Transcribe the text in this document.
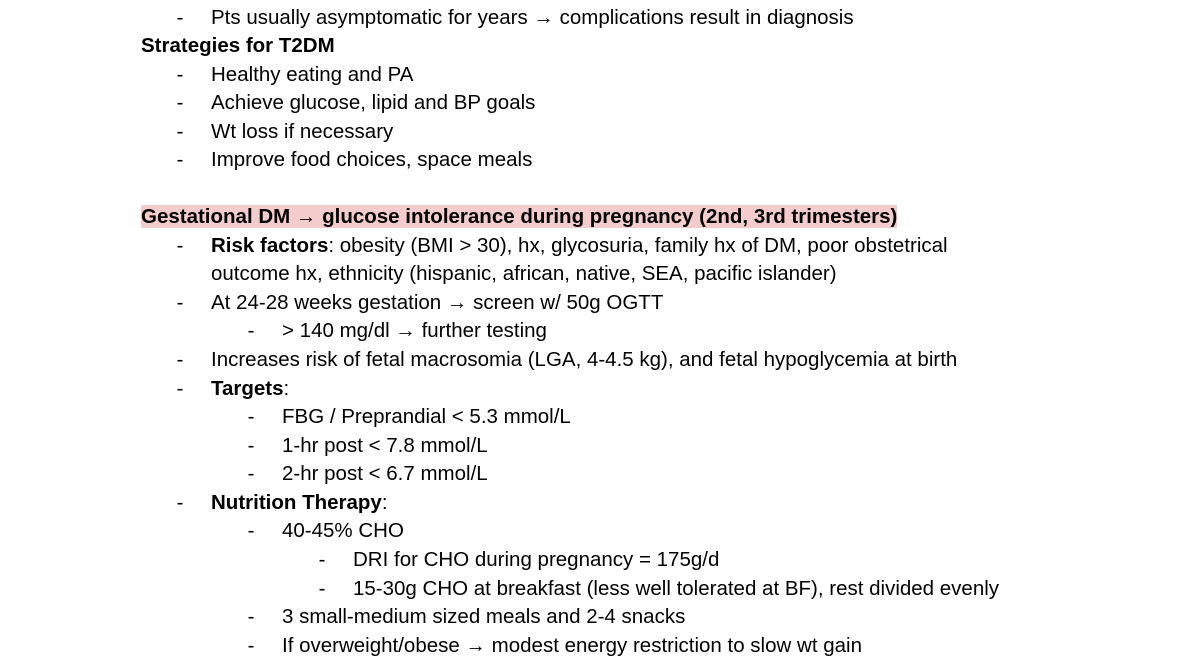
- Pts usually asymptomatic for years → complications result in diagnosis
Strategies for T2DM
- Healthy eating and PA
- Achieve glucose, lipid and BP goals
- Wt loss if necessary
- Improve food choices, space meals
Gestational DM → glucose intolerance during pregnancy (2nd, 3rd trimesters)
- Risk factors: obesity (BMI > 30), hx, glycosuria, family hx of DM, poor obstetrical
outcome hx, ethnicity (hispanic, african, native, SEA, pacific islander)
- At 24-28 weeks gestation → screen w/ 50g OGTT
- > 140 mg/dl → further testing
- Increases risk of fetal macrosomia (LGA, 4-4.5 kg), and fetal hypoglycemia at birth
- Targets:
- FBG / Preprandial < 5.3 mmol/L
- 1-hr post < 7.8 mmol/L
- 2-hr post < 6.7 mmol/L
- Nutrition Therapy:
- 40-45% CHO
- DRI for CHO during pregnancy = 175g/d
- 15-30g CHO at breakfast (less well tolerated at BF), rest divided evenly
- 3 small-medium sized meals and 2-4 snacks
- If overweight/obese → modest energy restriction to slow wt gain
